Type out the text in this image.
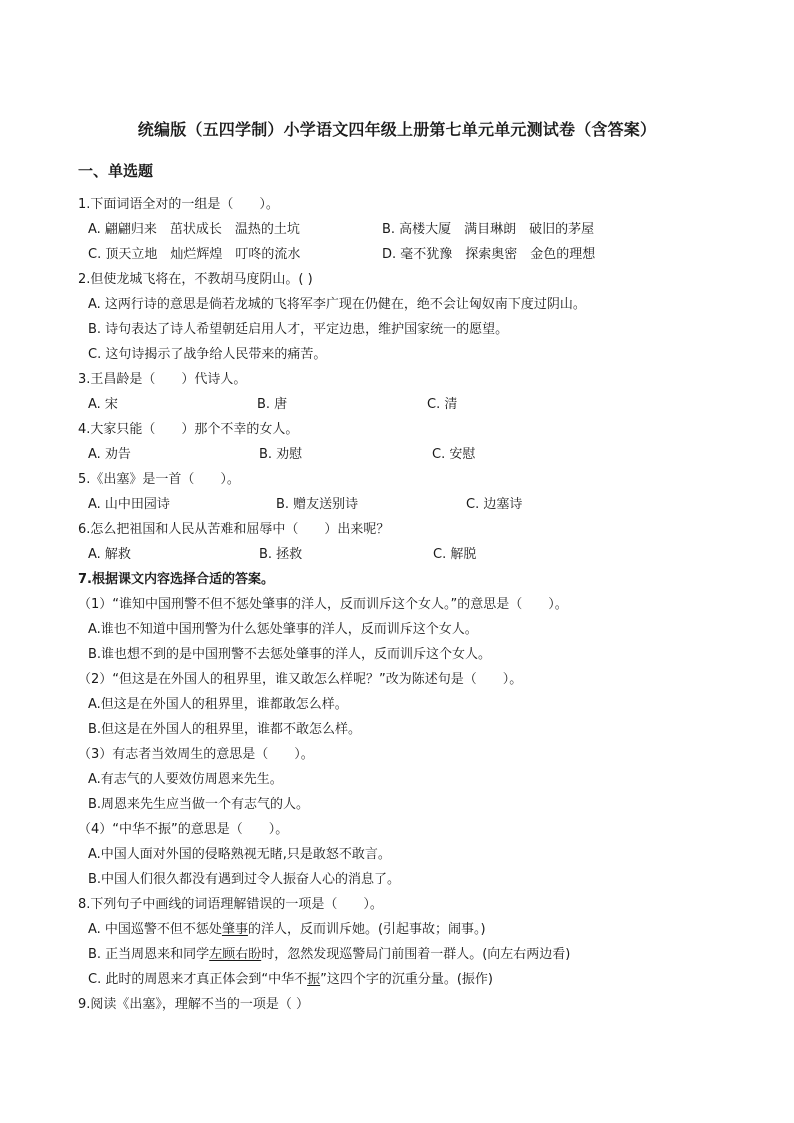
统编版（五四学制）小学语文四年级上册第七单元单元测试卷（含答案）
一、单选题
1.下面词语全对的一组是（　　）。
A. 翩翩归来　茁状成长　温热的土坑	B. 高楼大厦　满目琳朗　破旧的茅屋
C. 顶天立地　灿烂辉煌　叮咚的流水	D. 毫不犹豫　探索奥密　金色的理想
2.但使龙城飞将在，不教胡马度阴山。( )
A. 这两行诗的意思是倘若龙城的飞将军李广现在仍健在，绝不会让匈奴南下度过阴山。
B. 诗句表达了诗人希望朝廷启用人才，平定边患，维护国家统一的愿望。
C. 这句诗揭示了战争给人民带来的痛苦。
3.王昌龄是（　　）代诗人。
A. 宋	B. 唐	C. 清
4.大家只能（　　）那个不幸的女人。
A. 劝告	B. 劝慰	C. 安慰
5.《出塞》是一首（　　）。
A. 山中田园诗	B. 赠友送别诗	C. 边塞诗
6.怎么把祖国和人民从苦难和屈辱中（　　）出来呢？
A. 解救	B. 拯救	C. 解脱
7.根据课文内容选择合适的答案。
（1）“谁知中国刑警不但不惩处肇事的洋人，反而训斥这个女人。”的意思是（　　）。
A.谁也不知道中国刑警为什么惩处肇事的洋人，反而训斥这个女人。
B.谁也想不到的是中国刑警不去惩处肇事的洋人，反而训斥这个女人。
（2）“但这是在外国人的租界里，谁又敢怎么样呢？”改为陈述句是（　　）。
A.但这是在外国人的租界里，谁都敢怎么样。
B.但这是在外国人的租界里，谁都不敢怎么样。
（3）有志者当效周生的意思是（　　）。
A.有志气的人要效仿周恩来先生。
B.周恩来先生应当做一个有志气的人。
（4）“中华不振”的意思是（　　）。
A.中国人面对外国的侵略熟视无睹,只是敢怒不敢言。
B.中国人们很久都没有遇到过令人振奋人心的消息了。
8.下列句子中画线的词语理解错误的一项是（　　）。
A. 中国巡警不但不惩处肇事的洋人，反而训斥她。(引起事故；闹事。)
B. 正当周恩来和同学左顾右盼时，忽然发现巡警局门前围着一群人。(向左右两边看)
C. 此时的周恩来才真正体会到“中华不振”这四个字的沉重分量。(振作)
9.阅读《出塞》，理解不当的一项是（ ）
